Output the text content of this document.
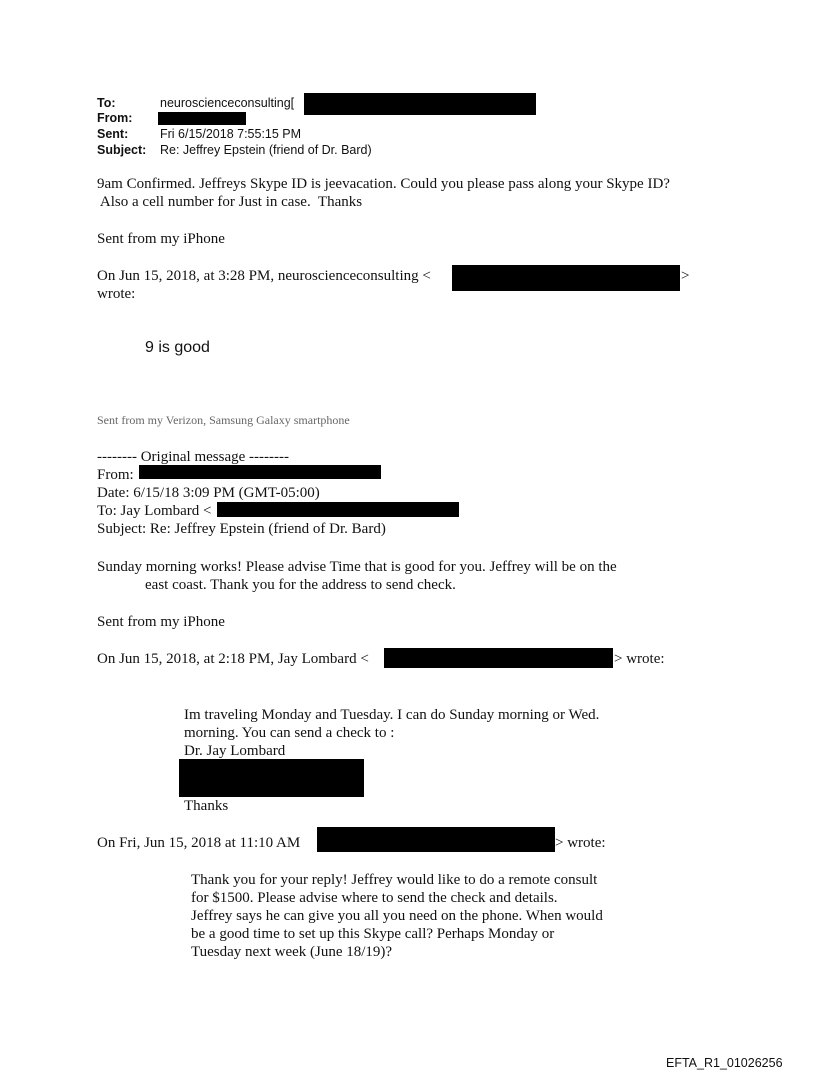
To:	neuroscienceconsulting[
From:
Sent:	Fri 6/15/2018 7:55:15 PM
Subject: Re: Jeffrey Epstein (friend of Dr. Bard)
9am Confirmed. Jeffreys Skype ID is jeevacation. Could you please pass along your Skype ID?
Also a cell number for Just in case.  Thanks
Sent from my iPhone
On Jun 15, 2018, at 3:28 PM, neuroscienceconsulting <	>
wrote:
9 is good
Sent from my Verizon, Samsung Galaxy smartphone
-------- Original message --------
From:
Date: 6/15/18 3:09 PM (GMT-05:00)
To: Jay Lombard <
Subject: Re: Jeffrey Epstein (friend of Dr. Bard)
Sunday morning works! Please advise Time that is good for you. Jeffrey will be on the
east coast. Thank you for the address to send check.
Sent from my iPhone
On Jun 15, 2018, at 2:18 PM, Jay Lombard <	> wrote:
Im traveling Monday and Tuesday. I can do Sunday morning or Wed.
morning. You can send a check to :
Dr. Jay Lombard
Thanks
On Fri, Jun 15, 2018 at 11:10 AM	> wrote:
Thank you for your reply! Jeffrey would like to do a remote consult
for $1500. Please advise where to send the check and details.
Jeffrey says he can give you all you need on the phone. When would
be a good time to set up this Skype call? Perhaps Monday or
Tuesday next week (June 18/19)?
EFTA_R1_01026256
